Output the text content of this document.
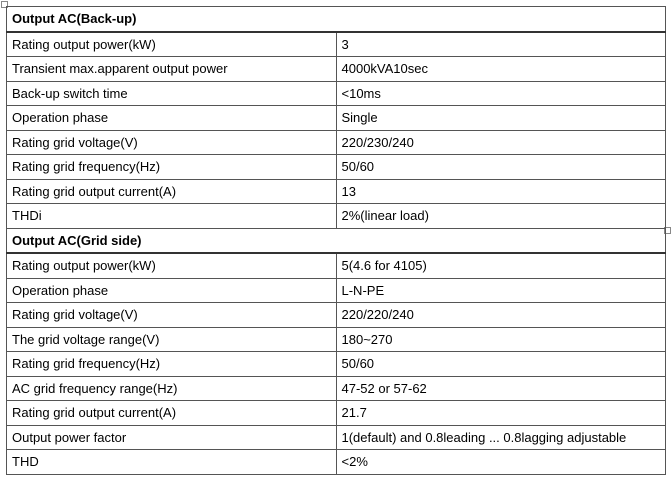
Output AC(Back-up)	
Rating output power(kW)	3
Transient max.apparent output power	4000kVA10sec
Back-up switch time	<10ms
Operation phase	Single
Rating grid voltage(V)	220/230/240
Rating grid frequency(Hz)	50/60
Rating grid output current(A)	13
THDi	2%(linear load)
Output AC(Grid side)	
Rating output power(kW)	5(4.6 for 4105)
Operation phase	L-N-PE
Rating grid voltage(V)	220/220/240
The grid voltage range(V)	180~270
Rating grid frequency(Hz)	50/60
AC grid frequency range(Hz)	47-52 or 57-62
Rating grid output current(A)	21.7
Output power factor	1(default) and 0.8leading ... 0.8lagging adjustable
THD	<2%
